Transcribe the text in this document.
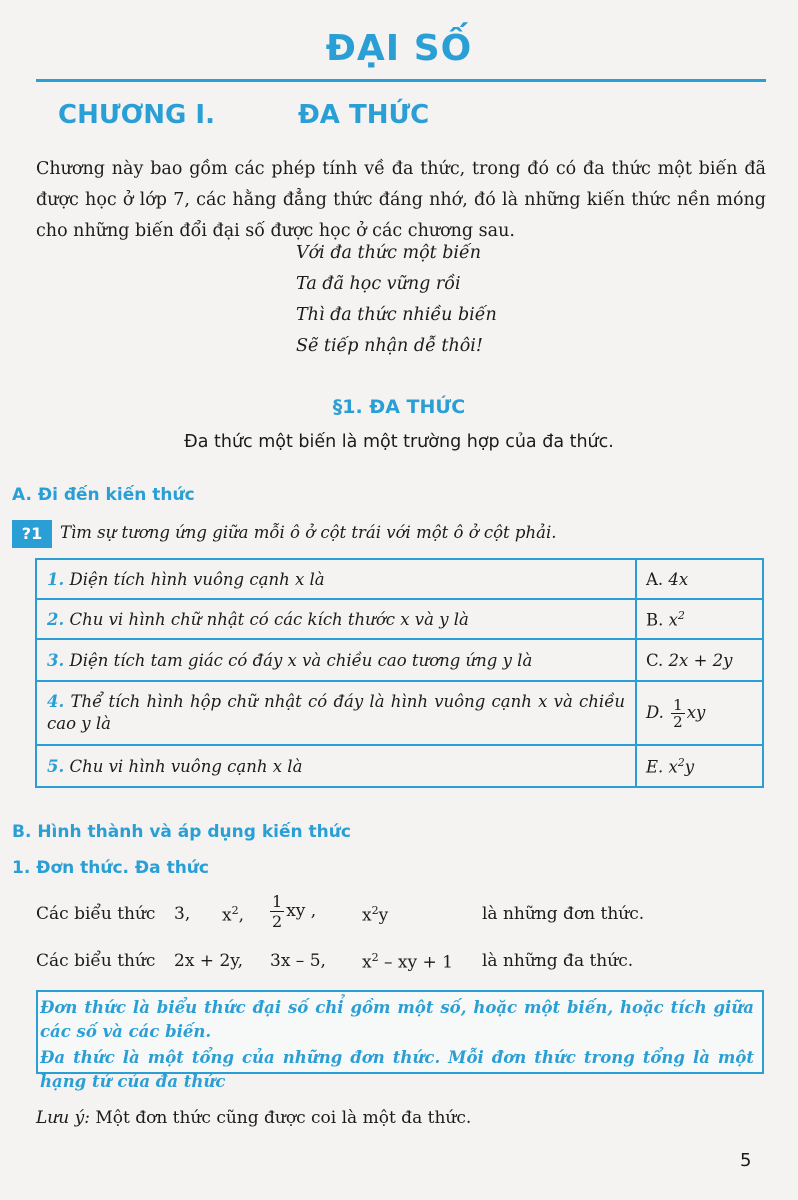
ĐẠI SỐ
CHƯƠNG I.	ĐA THỨC
Chương này bao gồm các phép tính về đa thức, trong đó có đa thức một biến đã được học ở lớp 7, các hằng đẳng thức đáng nhớ, đó là những kiến thức nền móng cho những biến đổi đại số được học ở các chương sau.
Với đa thức một biến
Ta đã học vững rồi
Thì đa thức nhiều biến
Sẽ tiếp nhận dễ thôi!
§1. ĐA THỨC
Đa thức một biến là một trường hợp của đa thức.
A. Đi đến kiến thức
?1	Tìm sự tương ứng giữa mỗi ô ở cột trái với một ô ở cột phải.
1. Diện tích hình vuông cạnh x là	A. 4x
2. Chu vi hình chữ nhật có các kích thước x và y là	B. $x^2$
3. Diện tích tam giác có đáy x và chiều cao tương ứng y là	C. 2x + 2y
4. Thể tích hình hộp chữ nhật có đáy là hình vuông cạnh x và chiều cao y là	D. $\frac{1}{2}$ xy
5. Chu vi hình vuông cạnh x là	E. $x^2y$
B. Hình thành và áp dụng kiến thức
1. Đơn thức. Đa thức
Các biểu thức 3, $x^2$, $\frac{1}{2}$ xy ,	$x^2y$	là những đơn thức.
Các biểu thức 2x + 2y, 3x – 5, $x^2$ – xy + 1 là những đa thức.
Đơn thức là biểu thức đại số chỉ gồm một số, hoặc một biến, hoặc tích giữa các số và các biến.
Đa thức là một tổng của những đơn thức. Mỗi đơn thức trong tổng là một hạng tử của đa thức
Lưu ý: Một đơn thức cũng được coi là một đa thức.
5
